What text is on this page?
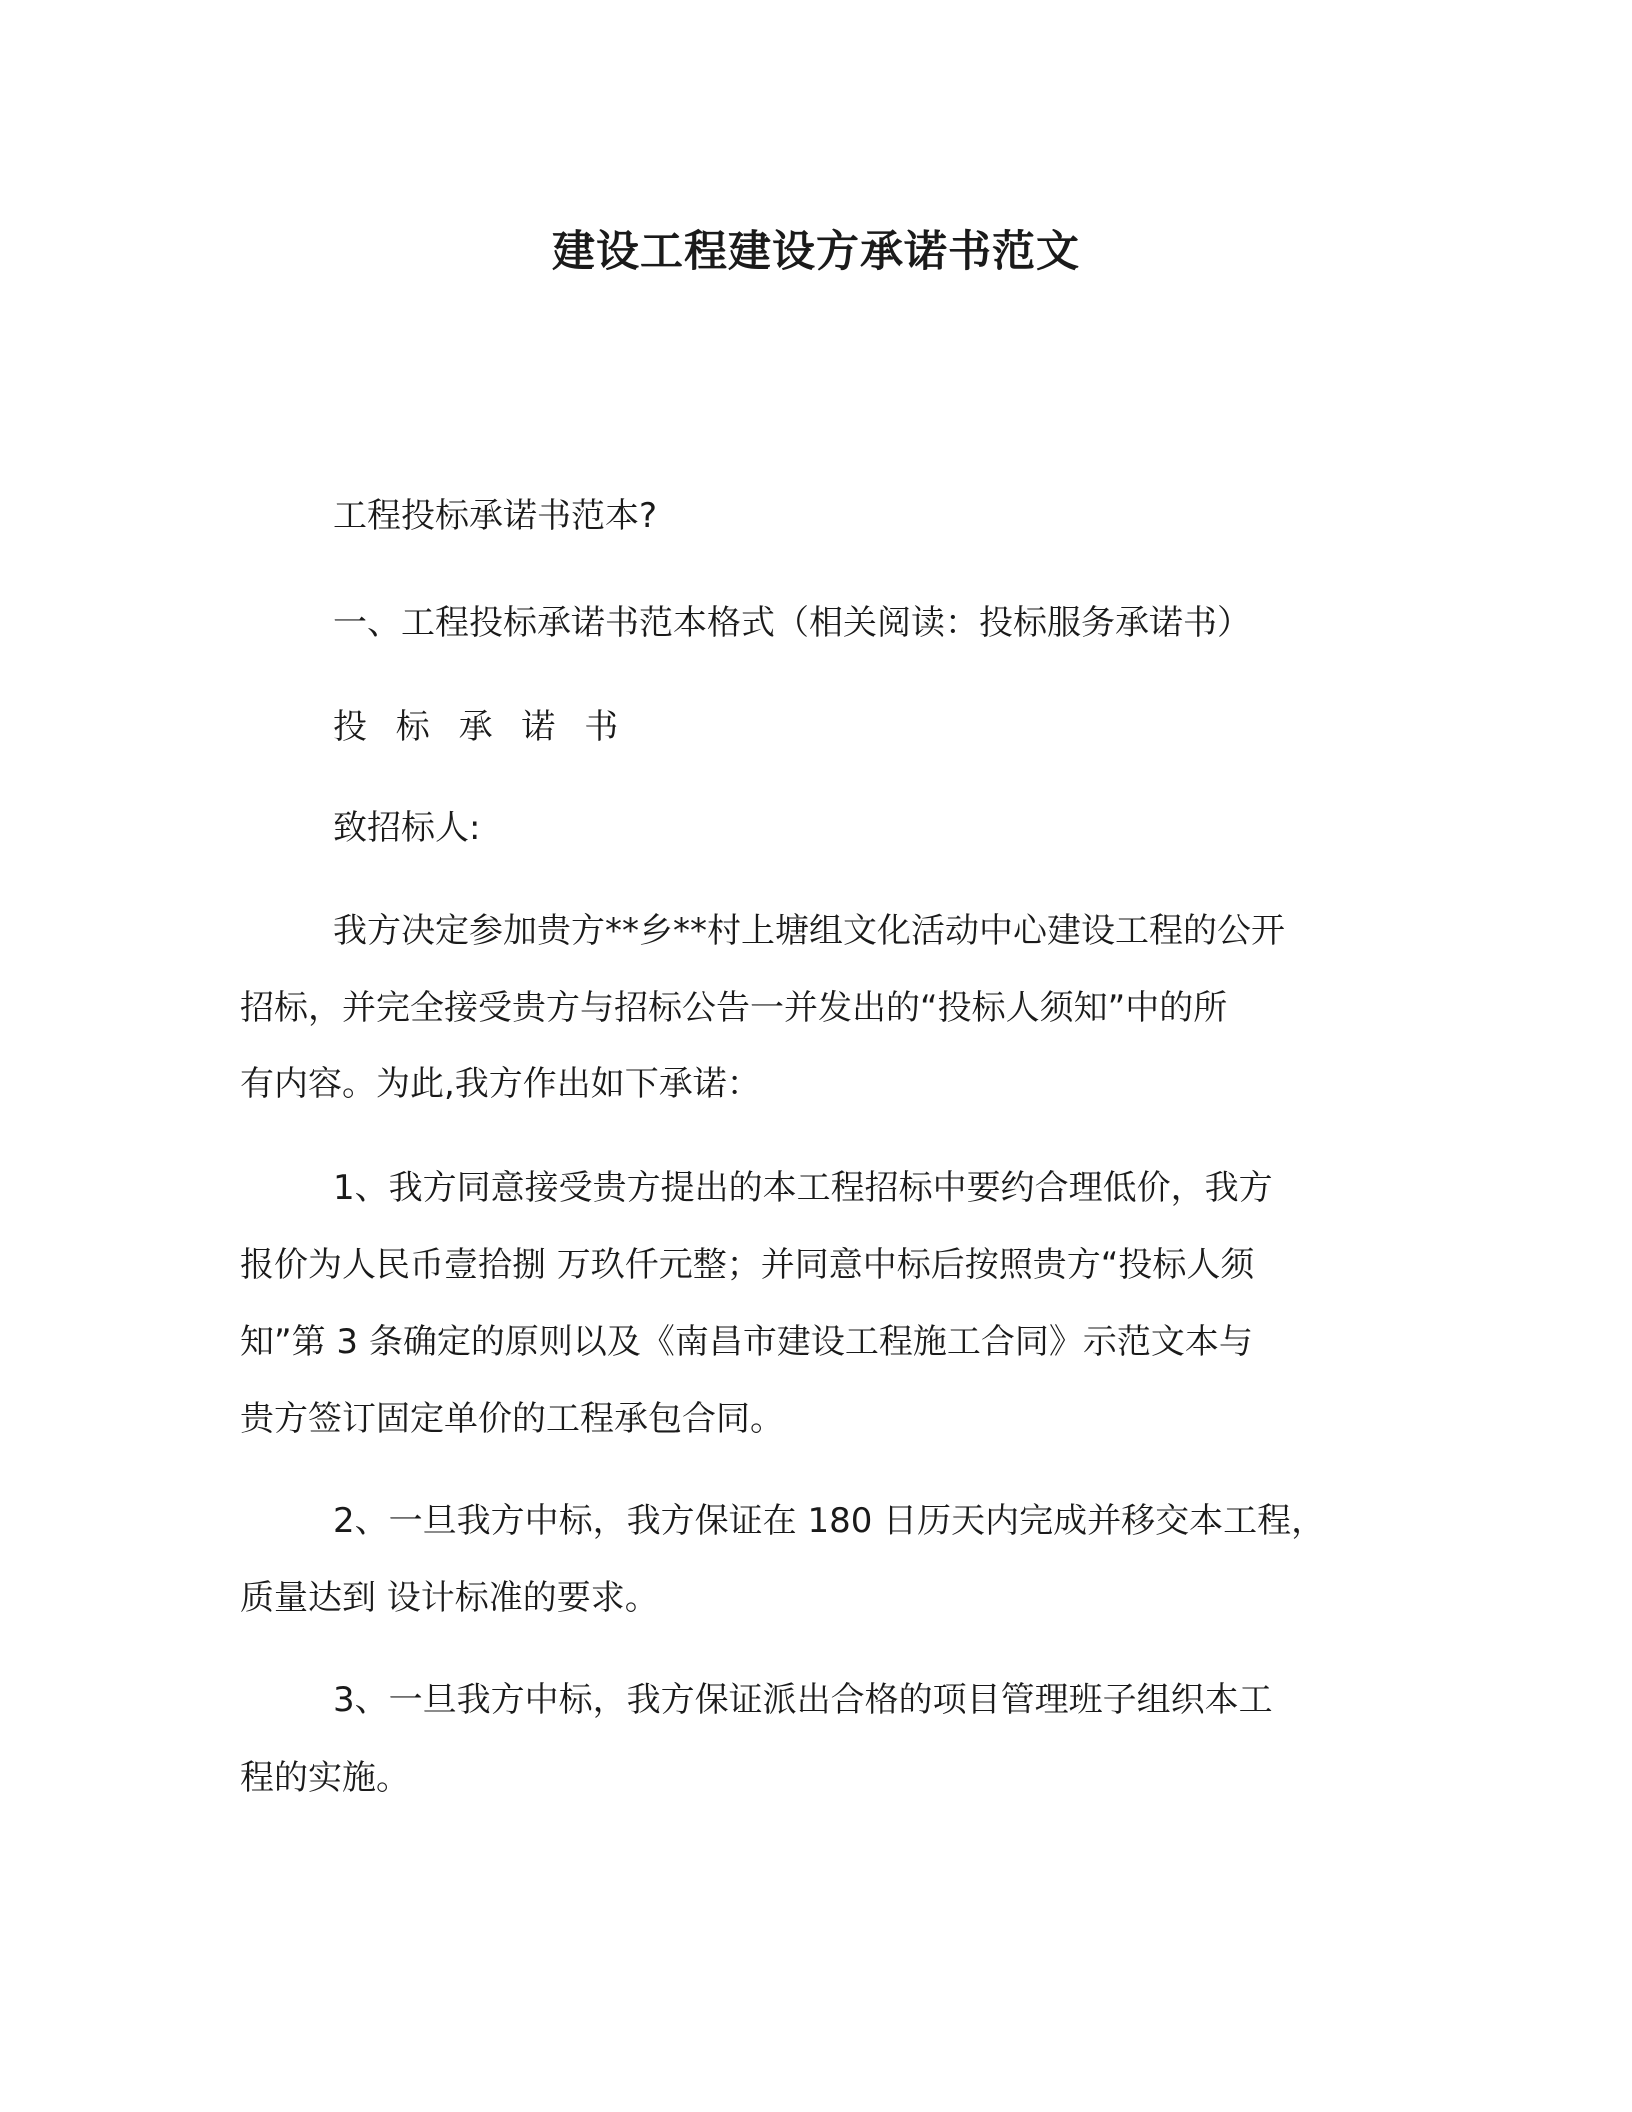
建设工程建设方承诺书范文

工程投标承诺书范本?

一、工程投标承诺书范本格式（相关阅读：投标服务承诺书）

投 标 承 诺 书

致招标人:

我方决定参加贵方**乡**村上塘组文化活动中心建设工程的公开

招标，并完全接受贵方与招标公告一并发出的“投标人须知”中的所

有内容。为此,我方作出如下承诺：

1、我方同意接受贵方提出的本工程招标中要约合理低价，我方

报价为人民币壹拾捌 万玖仟元整；并同意中标后按照贵方“投标人须

知”第 3 条确定的原则以及《南昌市建设工程施工合同》示范文本与

贵方签订固定单价的工程承包合同。

2、一旦我方中标，我方保证在 180 日历天内完成并移交本工程，

质量达到 设计标准的要求。

3、一旦我方中标，我方保证派出合格的项目管理班子组织本工

程的实施。
